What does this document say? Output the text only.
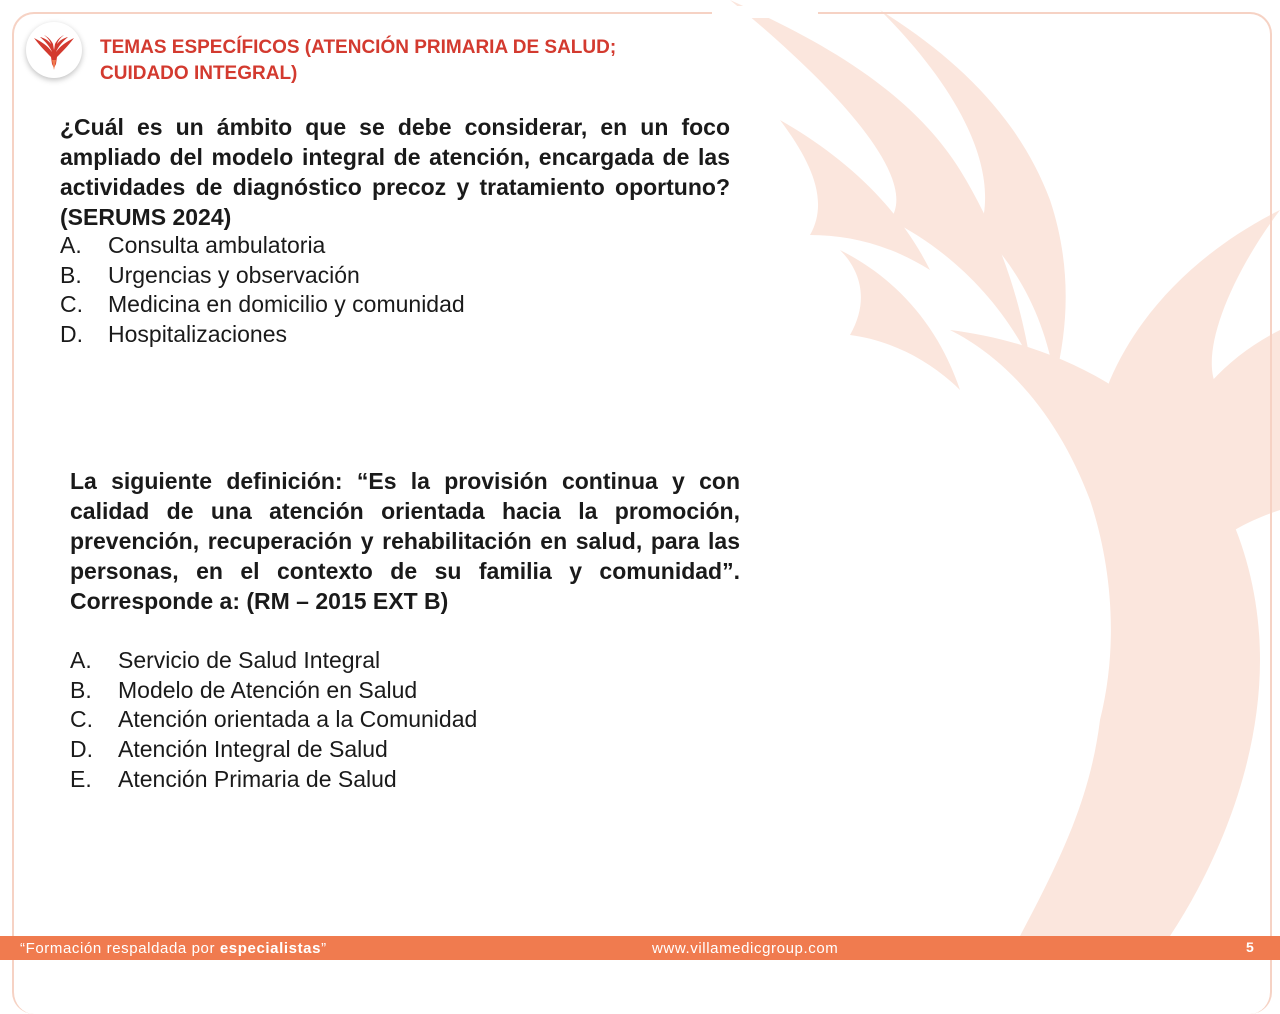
TEMAS ESPECÍFICOS (ATENCIÓN PRIMARIA DE SALUD;
CUIDADO INTEGRAL)
¿Cuál es un ámbito que se debe considerar, en un foco ampliado del modelo integral de atención, encargada de las actividades de diagnóstico precoz y tratamiento oportuno? (SERUMS 2024)
A. Consulta ambulatoria
B. Urgencias y observación
C. Medicina en domicilio y comunidad
D. Hospitalizaciones
La siguiente definición: “Es la provisión continua y con calidad de una atención orientada hacia la promoción, prevención, recuperación y rehabilitación en salud, para las personas, en el contexto de su familia y comunidad”. Corresponde a: (RM – 2015 EXT B)
A. Servicio de Salud Integral
B. Modelo de Atención en Salud
C. Atención orientada a la Comunidad
D. Atención Integral de Salud
E. Atención Primaria de Salud
“Formación respaldada por especialistas”	www.villamedicgroup.com	5
